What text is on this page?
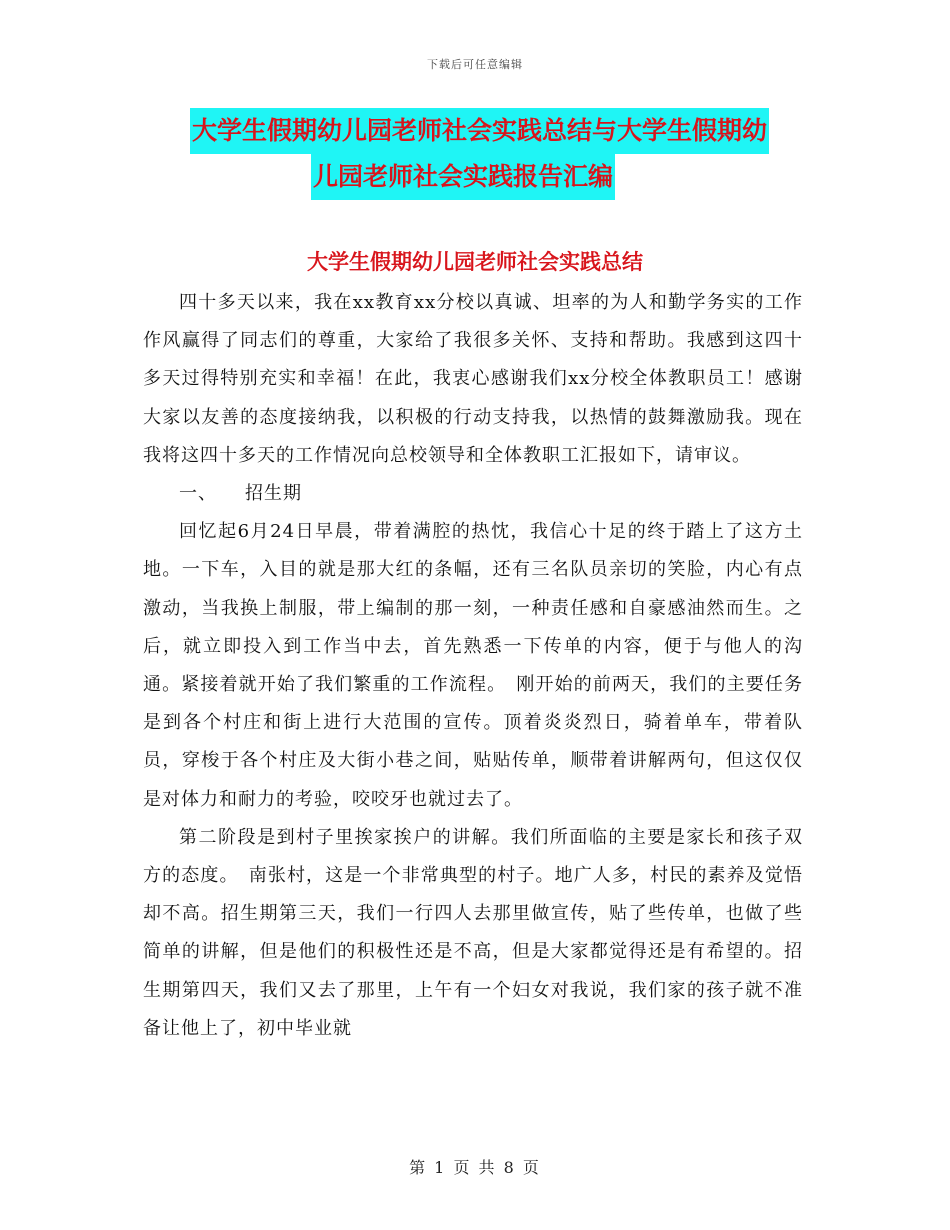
下载后可任意编辑
大学生假期幼儿园老师社会实践总结与大学生假期幼
儿园老师社会实践报告汇编
大学生假期幼儿园老师社会实践总结

四十多天以来，我在xx教育xx分校以真诚、坦率的为人和勤学务实的工作作风赢得了同志们的尊重，大家给了我很多关怀、支持和帮助。我感到这四十多天过得特别充实和幸福！在此，我衷心感谢我们xx分校全体教职员工！感谢大家以友善的态度接纳我，以积极的行动支持我，以热情的鼓舞激励我。现在我将这四十多天的工作情况向总校领导和全体教职工汇报如下，请审议。

一、 招生期

回忆起6月24日早晨，带着满腔的热忱，我信心十足的终于踏上了这方土地。一下车，入目的就是那大红的条幅，还有三名队员亲切的笑脸，内心有点激动，当我换上制服，带上编制的那一刻，一种责任感和自豪感油然而生。之后，就立即投入到工作当中去，首先熟悉一下传单的内容，便于与他人的沟通。紧接着就开始了我们繁重的工作流程。　刚开始的前两天，我们的主要任务是到各个村庄和街上进行大范围的宣传。顶着炎炎烈日，骑着单车，带着队员，穿梭于各个村庄及大街小巷之间，贴贴传单，顺带着讲解两句，但这仅仅是对体力和耐力的考验，咬咬牙也就过去了。

第二阶段是到村子里挨家挨户的讲解。我们所面临的主要是家长和孩子双方的态度。　南张村，这是一个非常典型的村子。地广人多，村民的素养及觉悟却不高。招生期第三天，我们一行四人去那里做宣传，贴了些传单，也做了些简单的讲解，但是他们的积极性还是不高，但是大家都觉得还是有希望的。招生期第四天，我们又去了那里，上午有一个妇女对我说，我们家的孩子就不准备让他上了，初中毕业就

第 1 页 共 8 页
